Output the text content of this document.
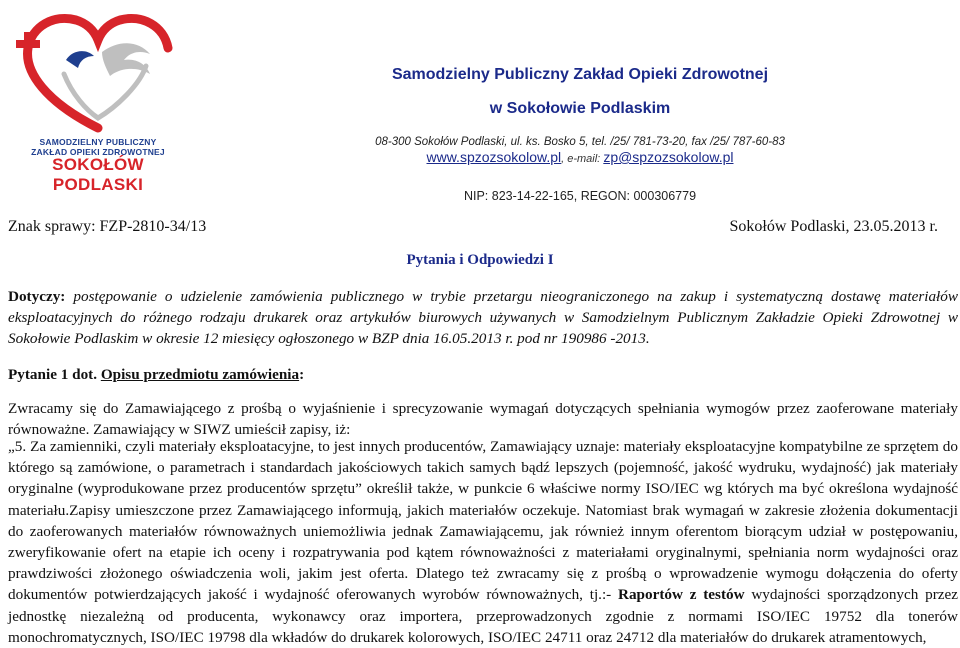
SAMODZIELNY PUBLICZNY
ZAKŁAD OPIEKI ZDROWOTNEJ
SOKOŁÓW PODLASKI
Samodzielny Publiczny Zakład Opieki Zdrowotnej
w Sokołowie Podlaskim
08-300 Sokołów Podlaski, ul. ks. Bosko 5, tel. /25/ 781-73-20, fax /25/ 787-60-83
www.spzozsokolow.pl, e-mail: zp@spzozsokolow.pl
NIP: 823-14-22-165, REGON: 000306779
Znak sprawy: FZP-2810-34/13	Sokołów Podlaski, 23.05.2013 r.
Pytania i Odpowiedzi I
Dotyczy: postępowanie o udzielenie zamówienia publicznego w trybie przetargu nieograniczonego na zakup i systematyczną dostawę materiałów eksploatacyjnych do różnego rodzaju drukarek oraz artykułów biurowych używanych w Samodzielnym Publicznym Zakładzie Opieki Zdrowotnej w Sokołowie Podlaskim w okresie 12 miesięcy ogłoszonego w BZP dnia 16.05.2013 r. pod nr 190986 -2013.
Pytanie 1 dot. Opisu przedmiotu zamówienia:
Zwracamy się do Zamawiającego z prośbą o wyjaśnienie i sprecyzowanie wymagań dotyczących spełniania wymogów przez zaoferowane materiały równoważne. Zamawiający w SIWZ umieścił zapisy, iż:
„5. Za zamienniki, czyli materiały eksploatacyjne, to jest innych producentów, Zamawiający uznaje: materiały eksploatacyjne kompatybilne ze sprzętem do którego są zamówione, o parametrach i standardach jakościowych takich samych bądź lepszych (pojemność, jakość wydruku, wydajność) jak materiały oryginalne (wyprodukowane przez producentów sprzętu” określił także, w punkcie 6 właściwe normy ISO/IEC wg których ma być określona wydajność materiału.Zapisy umieszczone przez Zamawiającego informują, jakich materiałów oczekuje. Natomiast brak wymagań w zakresie złożenia dokumentacji do zaoferowanych materiałów równoważnych uniemożliwia jednak Zamawiającemu, jak również innym oferentom biorącym udział w postępowaniu, zweryfikowanie ofert na etapie ich oceny i rozpatrywania pod kątem równoważności z materiałami oryginalnymi, spełniania norm wydajności oraz prawdziwości złożonego oświadczenia woli, jakim jest oferta. Dlatego też zwracamy się z prośbą o wprowadzenie wymogu dołączenia do oferty dokumentów potwierdzających jakość i wydajność oferowanych wyrobów równoważnych, tj.:- Raportów z testów wydajności sporządzonych przez jednostkę niezależną od producenta, wykonawcy oraz importera, przeprowadzonych zgodnie z normami ISO/IEC 19752 dla tonerów monochromatycznych, ISO/IEC 19798 dla wkładów do drukarek kolorowych, ISO/IEC 24711 oraz 24712 dla materiałów do drukarek atramentowych,
